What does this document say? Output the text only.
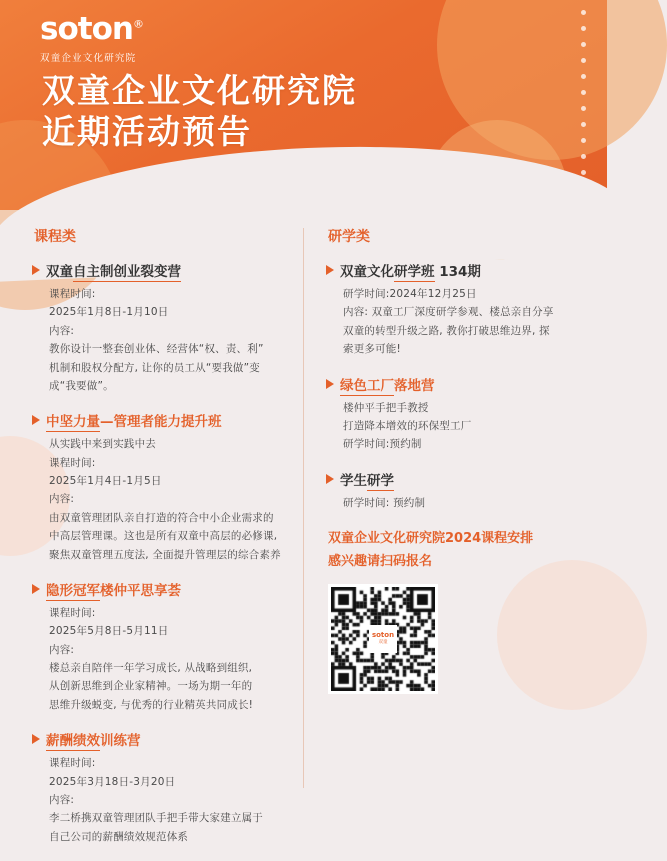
soton®
双童企业文化研究院
双童企业文化研究院
近期活动预告
课程类
双童自主制创业裂变营
课程时间:
2025年1月8日-1月10日
内容:
教你设计一整套创业体、经营体“权、责、利”
机制和股权分配方, 让你的员工从“要我做”变
成“我要做”。
中坚力量—管理者能力提升班
从实践中来到实践中去
课程时间:
2025年1月4日-1月5日
内容:
由双童管理团队亲自打造的符合中小企业需求的
中高层管理课。这也是所有双童中高层的必修课,
聚焦双童管理五度法, 全面提升管理层的综合素养
隐形冠军楼仲平思享荟
课程时间:
2025年5月8日-5月11日
内容:
楼总亲自陪伴一年学习成长, 从战略到组织,
从创新思维到企业家精神。一场为期一年的
思维升级蜕变, 与优秀的行业精英共同成长!
薪酬绩效训练营
课程时间:
2025年3月18日-3月20日
内容:
李二桥携双童管理团队手把手带大家建立属于
自己公司的薪酬绩效规范体系
研学类
双童文化研学班 134期
研学时间:2024年12月25日
内容: 双童工厂深度研学参观、楼总亲自分享
双童的转型升级之路, 教你打破思维边界, 探
索更多可能!
绿色工厂落地营
楼仲平手把手教授
打造降本增效的环保型工厂
研学时间:预约制
学生研学
研学时间: 预约制
双童企业文化研究院2024课程安排
感兴趣请扫码报名
soton
双童
